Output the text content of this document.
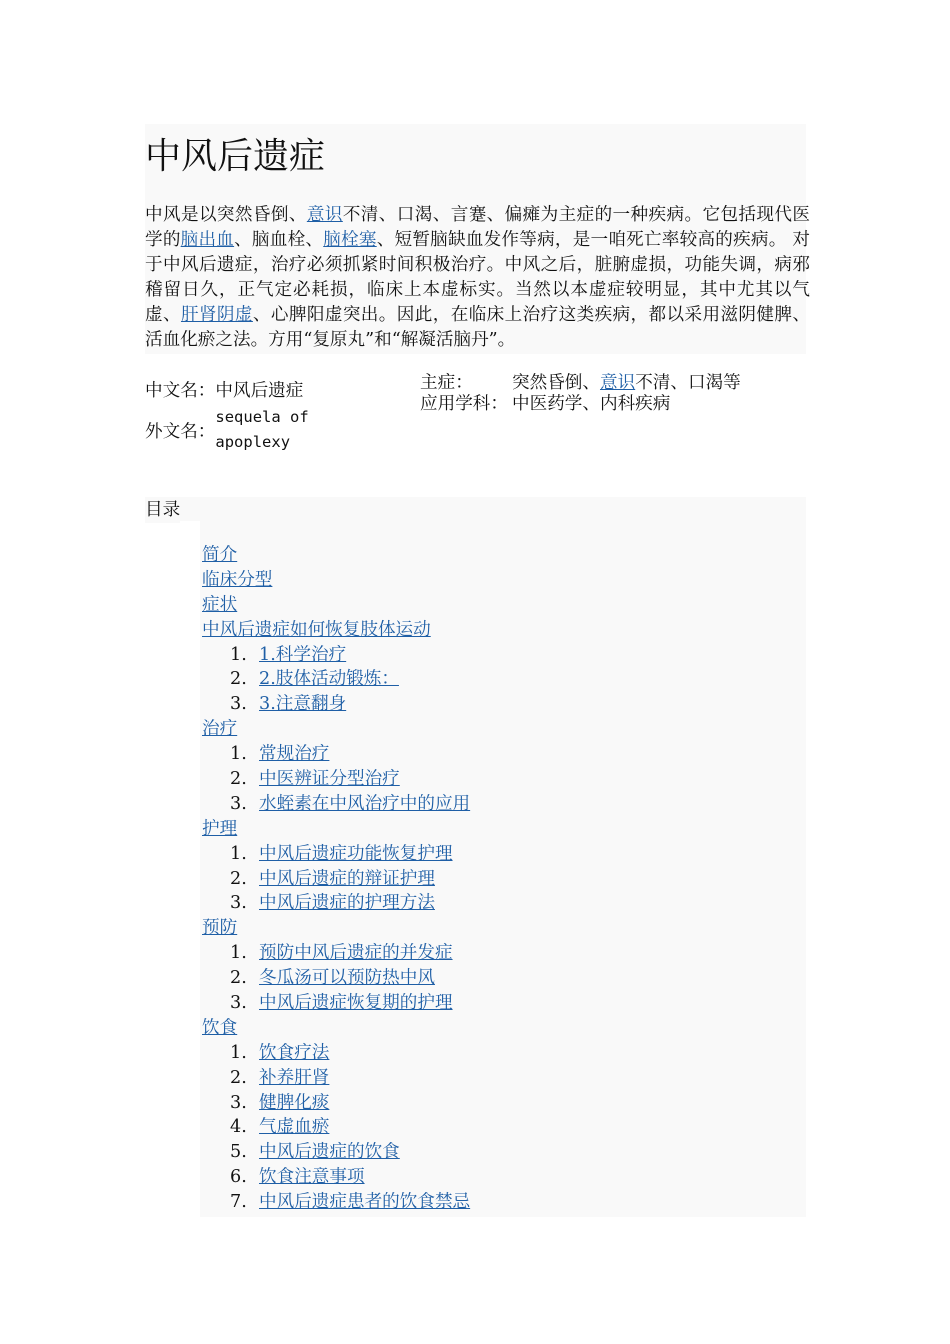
中风后遗症
中风是以突然昏倒、意识不清、口渴、言蹇、偏瘫为主症的一种疾病。它包括现代医学的脑出血、脑血栓、脑栓塞、短暂脑缺血发作等病，是一咱死亡率较高的疾病。 对于中风后遗症，治疗必须抓紧时间积极治疗。中风之后，脏腑虚损，功能失调，病邪稽留日久，正气定必耗损，临床上本虚标实。当然以本虚症较明显，其中尤其以气虚、肝肾阴虚、心脾阳虚突出。因此，在临床上治疗这类疾病，都以采用滋阴健脾、活血化瘀之法。方用“复原丸”和“解凝活脑丹”。
中文名： 中风后遗症
外文名：
sequela of apoplexy
主症：	突然昏倒、意识不清、口渴等
应用学科： 中医药学、内科疾病
目录
简介
临床分型
症状
中风后遗症如何恢复肢体运动
1. 1.科学治疗
2. 2.肢体活动锻炼：
3. 3.注意翻身
治疗
1. 常规治疗
2. 中医辨证分型治疗
3. 水蛭素在中风治疗中的应用
护理
1. 中风后遗症功能恢复护理
2. 中风后遗症的辩证护理
3. 中风后遗症的护理方法
预防
1. 预防中风后遗症的并发症
2. 冬瓜汤可以预防热中风
3. 中风后遗症恢复期的护理
饮食
1. 饮食疗法
2. 补养肝肾
3. 健脾化痰
4. 气虚血瘀
5. 中风后遗症的饮食
6. 饮食注意事项
7. 中风后遗症患者的饮食禁忌
